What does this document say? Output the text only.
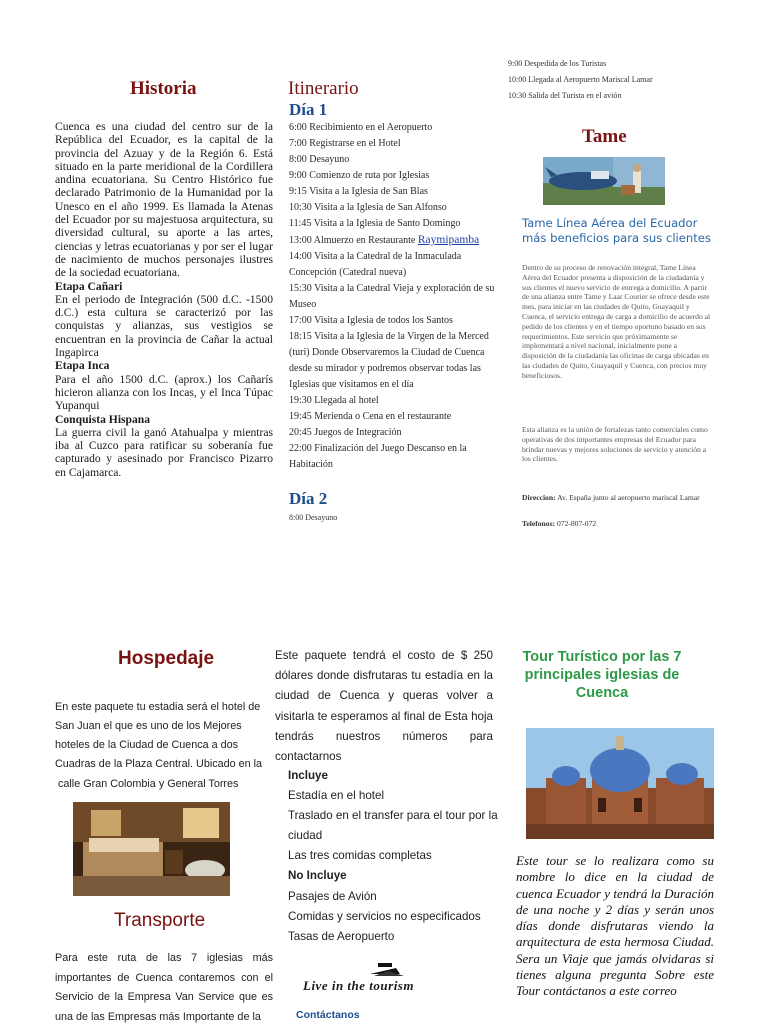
Historia

Cuenca es una ciudad del centro sur de la República del Ecuador, es la capital de la provincia del Azuay y de la Región 6. Está situado en la parte meridional de la Cordillera andina ecuatoriana. Su Centro Histórico fue declarado Patrimonio de la Humanidad por la Unesco en el año 1999. Es llamada la Atenas del Ecuador por su majestuosa arquitectura, su diversidad cultural, su aporte a las artes, ciencias y letras ecuatorianas y por ser el lugar de nacimiento de muchos personajes ilustres de la sociedad ecuatoriana.

Etapa Cañari

En el periodo de Integración (500 d.C. -1500 d.C.) esta cultura se caracterizó por las conquistas y alianzas, sus vestigios se encuentran en la provincia de Cañar la actual Ingapirca

Etapa Inca

Para el año 1500 d.C. (aprox.) los Cañarís hicieron alianza con los Incas, y el Inca Túpac Yupanqui

Conquista Hispana

La guerra civil la ganó Atahualpa y mientras iba al Cuzco para ratificar su soberanía fue capturado y asesinado por Francisco Pizarro en Cajamarca.

Itinerario
Día 1
6:00 Recibimiento en el Aeropuerto
7:00 Registrarse en el Hotel
8:00 Desayuno
9:00 Comienzo de ruta por Iglesias
9:15 Visita a la Iglesia de San Blas
10:30 Visita a la Iglesia de San Alfonso
11:45 Visita a la Iglesia de Santo Domingo
13:00 Almuerzo en Restaurante Raymipamba
14:00 Visita a la Catedral de la Inmaculada Concepción (Catedral nueva)
15:30 Visita a la Catedral Vieja y exploración de su Museo
17:00 Visita a Iglesia de todos los Santos
18:15 Visita a la Iglesia de la Virgen de la Merced (turi) Donde Observaremos la Ciudad de Cuenca desde su mirador y podremos observar todas las Iglesias que visitamos en el día
19:30 Llegada al hotel
19:45 Merienda o Cena en el restaurante
20:45 Juegos de Integración
22:00 Finalización del Juego Descanso en la Habitación
Día 2
8:00 Desayuno
9:00 Despedida de los Turistas
10:00 Llegada al Aeropuerto Mariscal Lamar
10:30 Salida del Turista en el avión
Tame
Tame Línea Aérea del Ecuador más beneficios para sus clientes
Dentro de su proceso de renovación integral, Tame Línea Aérea del Ecuador presenta a disposición de la ciudadanía y sus clientes el nuevo servicio de entrega a domicilio. A partir de una alianza entre Tame y Laar Courier se ofrece desde este mes, para iniciar en las ciudades de Quito, Guayaquil y Cuenca, el servicio entrega de carga a domicilio de acuerdo al pedido de los clientes y en el tiempo oportuno basado en sus requerimientos. Este servicio que próximamente se implementará a nivel nacional, inicialmente pone a disposición de la ciudadanía las oficinas de carga ubicadas en las ciudades de Quito, Guayaquil y Cuenca, con precios muy beneficiosos.
Esta alianza es la unión de fortalezas tanto comerciales como operativas de dos importantes empresas del Ecuador para brindar nuevas y mejores soluciones de servicio y atención a los clientes.
Direccion: Av. España junto al aeropuerto mariscal Lamar
Telefonos: 072-807-072
Hospedaje
En este paquete tu estadia será el hotel de San Juan el que es uno de los Mejores hoteles de la Ciudad de Cuenca a dos Cuadras de la Plaza Central. Ubicado en la
calle Gran Colombia y General Torres
Transporte
Para este ruta de las 7 iglesias más importantes de Cuenca contaremos con el Servicio de la Empresa Van Service que es una de las Empresas más Importante de la
Este paquete tendrá el costo de $ 250 dólares donde disfrutaras tu estadía en la ciudad de Cuenca y queras volver a visitarla te esperamos al final de Esta hoja tendrás nuestros números para contactarnos
Incluye
Estadía en el hotel
Traslado en el transfer para el tour por la ciudad
Las tres comidas completas
No Incluye
Pasajes de Avión
Comidas y servicios no especificados
Tasas de Aeropuerto
Live in the tourism
Contáctanos
Tour Turístico por las 7 principales iglesias de Cuenca
Este tour se lo realizara como su nombre lo dice en la ciudad de cuenca Ecuador y tendrá la Duración de una noche y 2 días y serán unos días donde disfrutaras viendo la arquitectura de esta hermosa Ciudad. Sera un Viaje que jamás olvidaras si tienes alguna pregunta Sobre este Tour contáctanos a este correo
